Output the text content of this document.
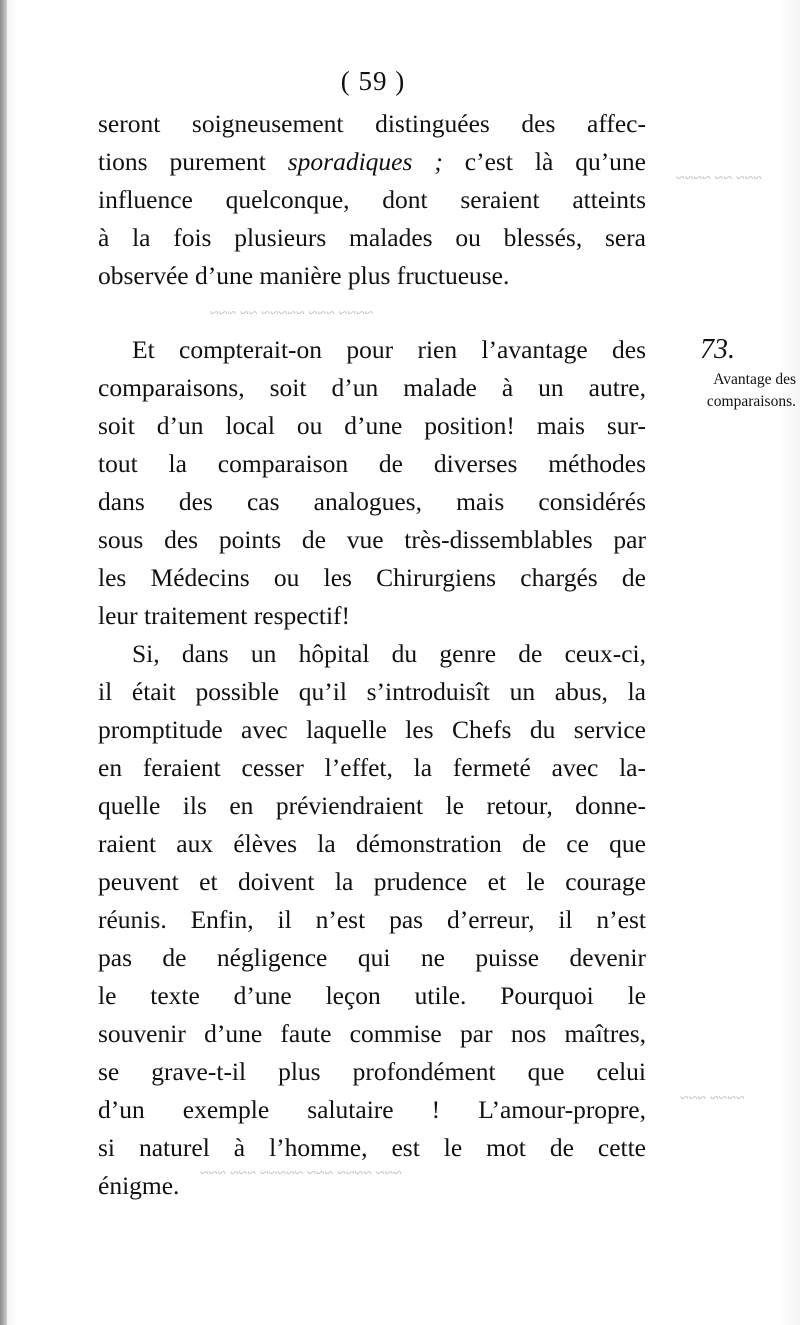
( 59 )
seront soigneusement distinguées des affec-
tions purement sporadiques ; c’est là qu’une
influence quelconque, dont seraient atteints
à la fois plusieurs malades ou blessés, sera
observée d’une manière plus fructueuse.
Et compterait-on pour rien l’avantage des
comparaisons, soit d’un malade à un autre,
soit d’un local ou d’une position! mais sur-
tout la comparaison de diverses méthodes
dans des cas analogues, mais considérés
sous des points de vue très-dissemblables par
les Médecins ou les Chirurgiens chargés de
leur traitement respectif!
Si, dans un hôpital du genre de ceux-ci,
il était possible qu’il s’introduisît un abus, la
promptitude avec laquelle les Chefs du service
en feraient cesser l’effet, la fermeté avec la-
quelle ils en préviendraient le retour, donne-
raient aux élèves la démonstration de ce que
peuvent et doivent la prudence et le courage
réunis. Enfin, il n’est pas d’erreur, il n’est
pas de négligence qui ne puisse devenir
le texte d’une leçon utile. Pourquoi le
souvenir d’une faute commise par nos maîtres,
se grave-t-il plus profondément que celui
d’un exemple salutaire ! L’amour-propre,
si naturel à l’homme, est le mot de cette
énigme.
73.
Avantage des
comparaisons.
~~~ ~~ ~~~~
~~~~ ~~~ ~~~~~ ~~ ~~~
~~~~ ~~~
~~~ ~~~~ ~~~ ~~~~~ ~~~ ~~~
